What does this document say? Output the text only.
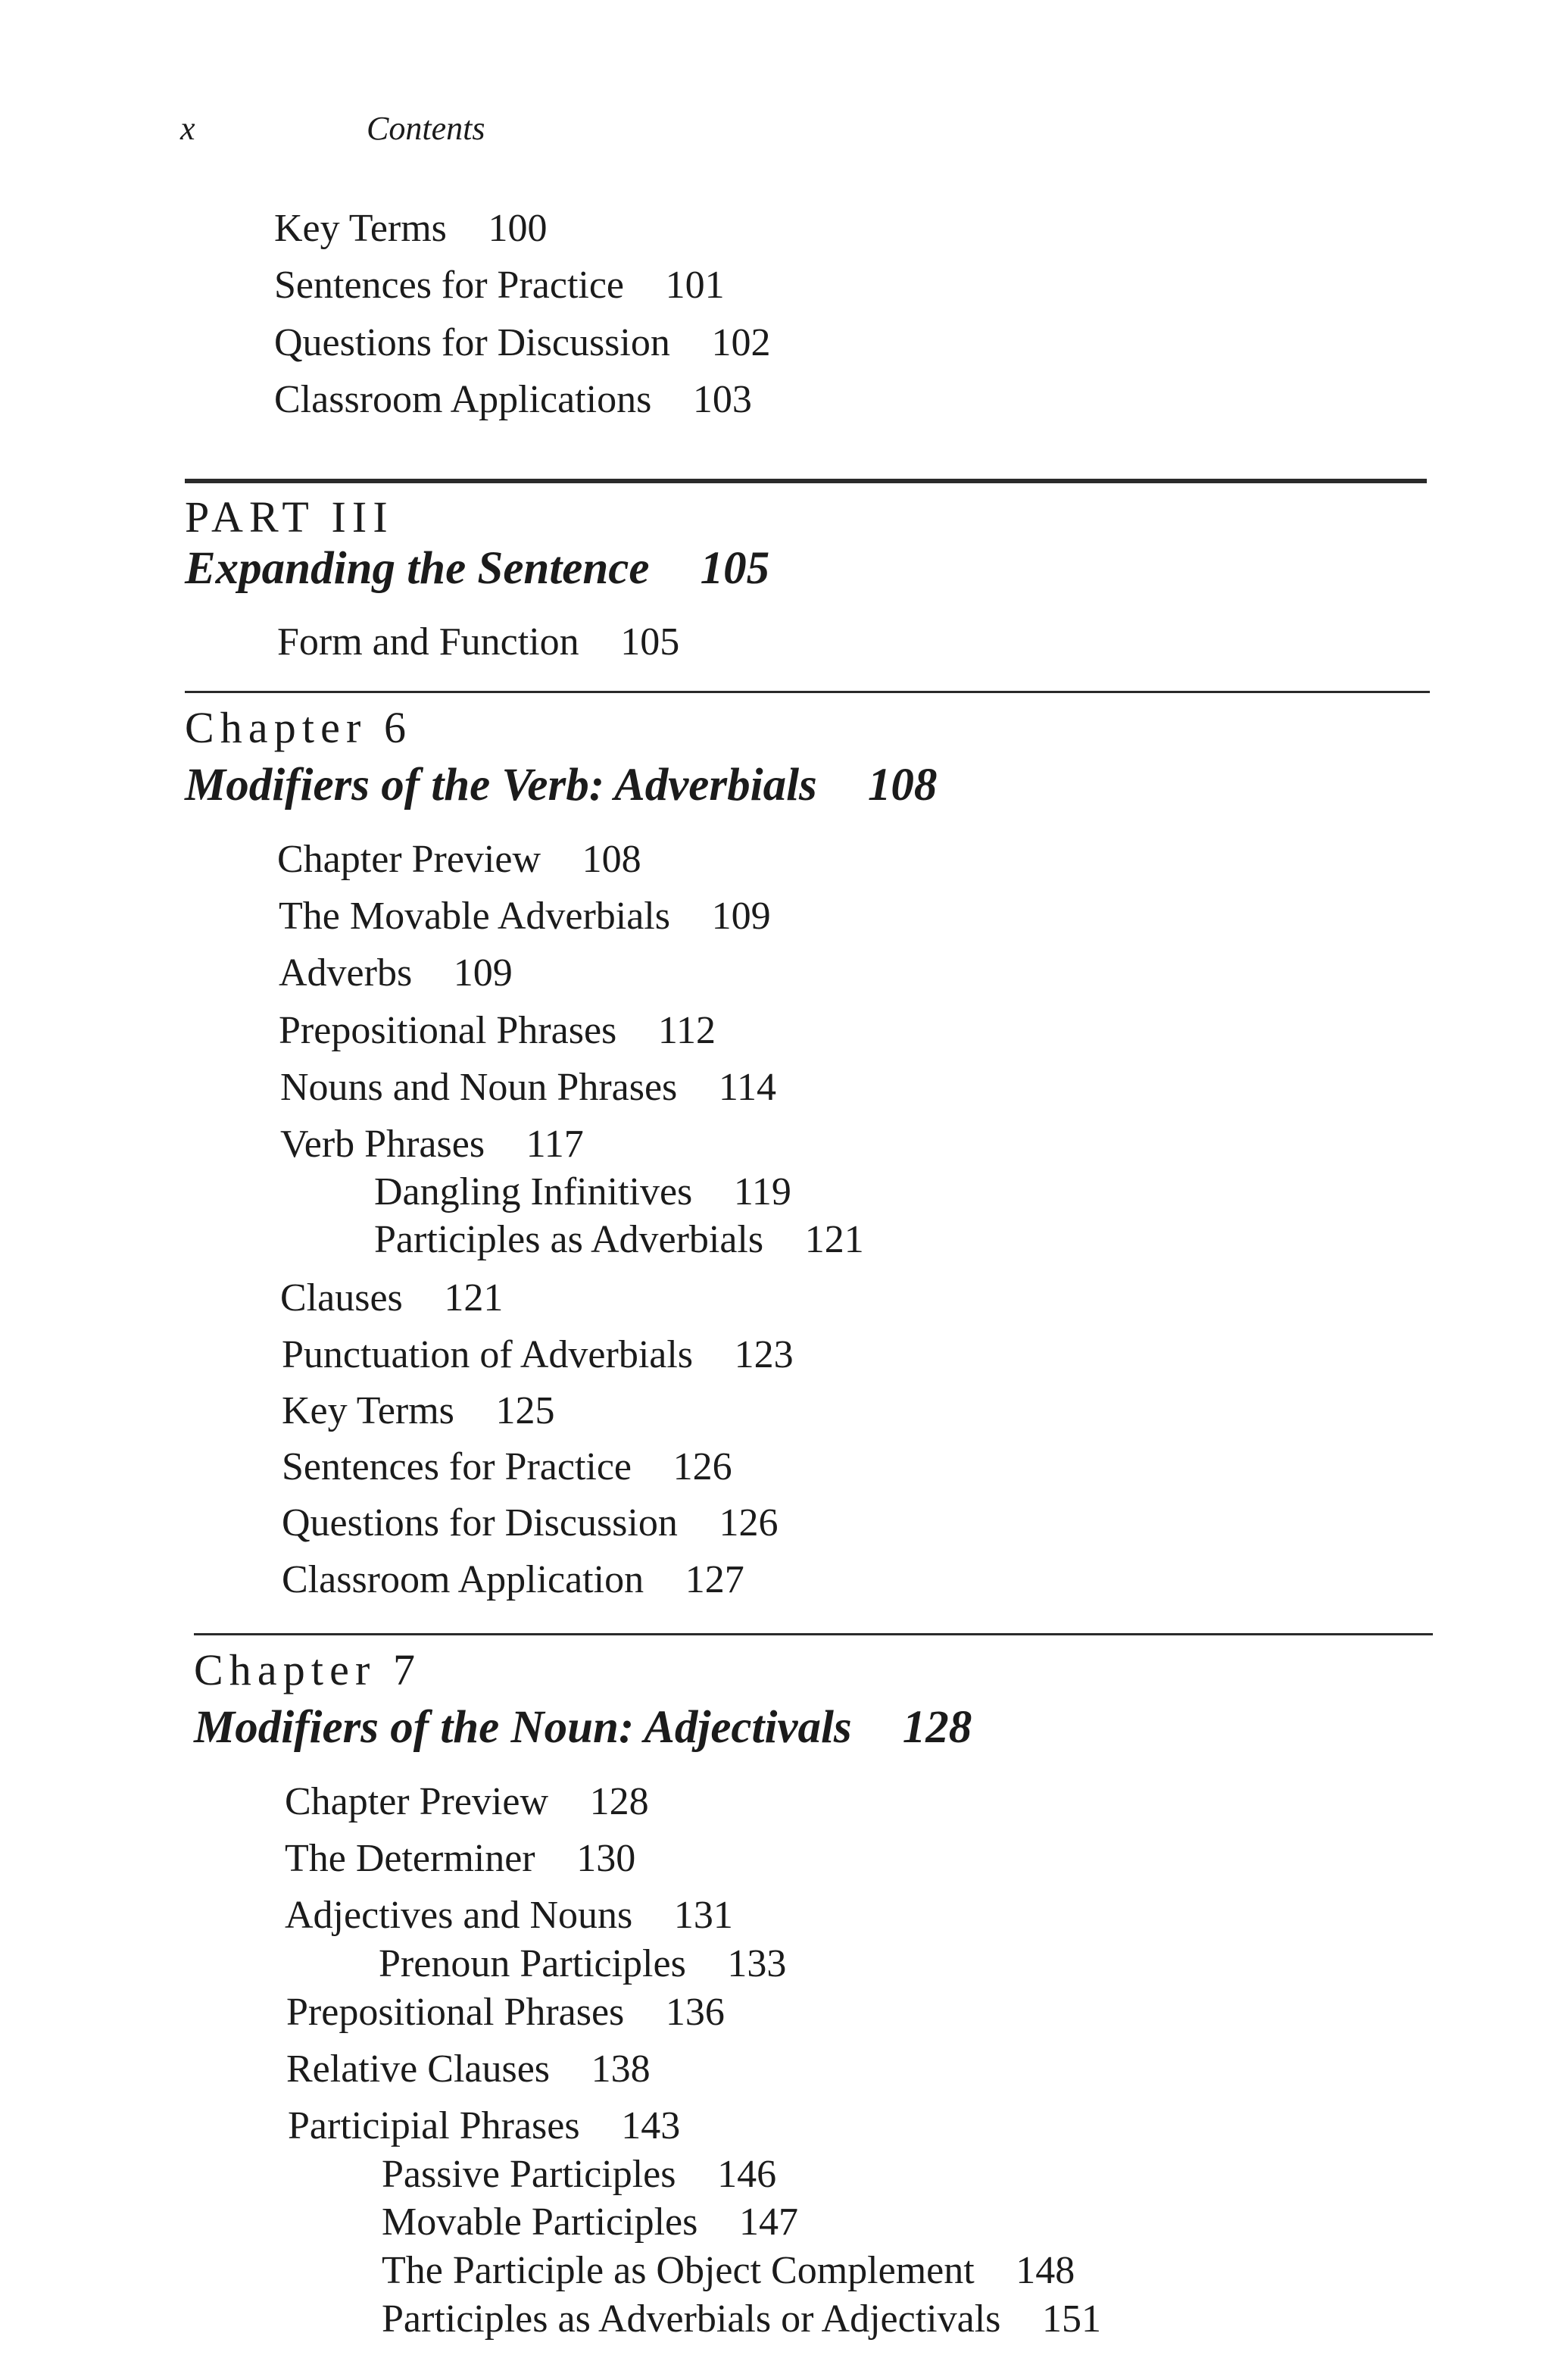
x	Contents
Key Terms 100
Sentences for Practice 101
Questions for Discussion 102
Classroom Applications 103
PART III
Expanding the Sentence 105
Form and Function 105
Chapter 6
Modifiers of the Verb: Adverbials 108
Chapter Preview 108
The Movable Adverbials 109
Adverbs 109
Prepositional Phrases 112
Nouns and Noun Phrases 114
Verb Phrases 117
Dangling Infinitives 119
Participles as Adverbials 121
Clauses 121
Punctuation of Adverbials 123
Key Terms 125
Sentences for Practice 126
Questions for Discussion 126
Classroom Application 127
Chapter 7
Modifiers of the Noun: Adjectivals 128
Chapter Preview 128
The Determiner 130
Adjectives and Nouns 131
Prenoun Participles 133
Prepositional Phrases 136
Relative Clauses 138
Participial Phrases 143
Passive Participles 146
Movable Participles 147
The Participle as Object Complement 148
Participles as Adverbials or Adjectivals 151
